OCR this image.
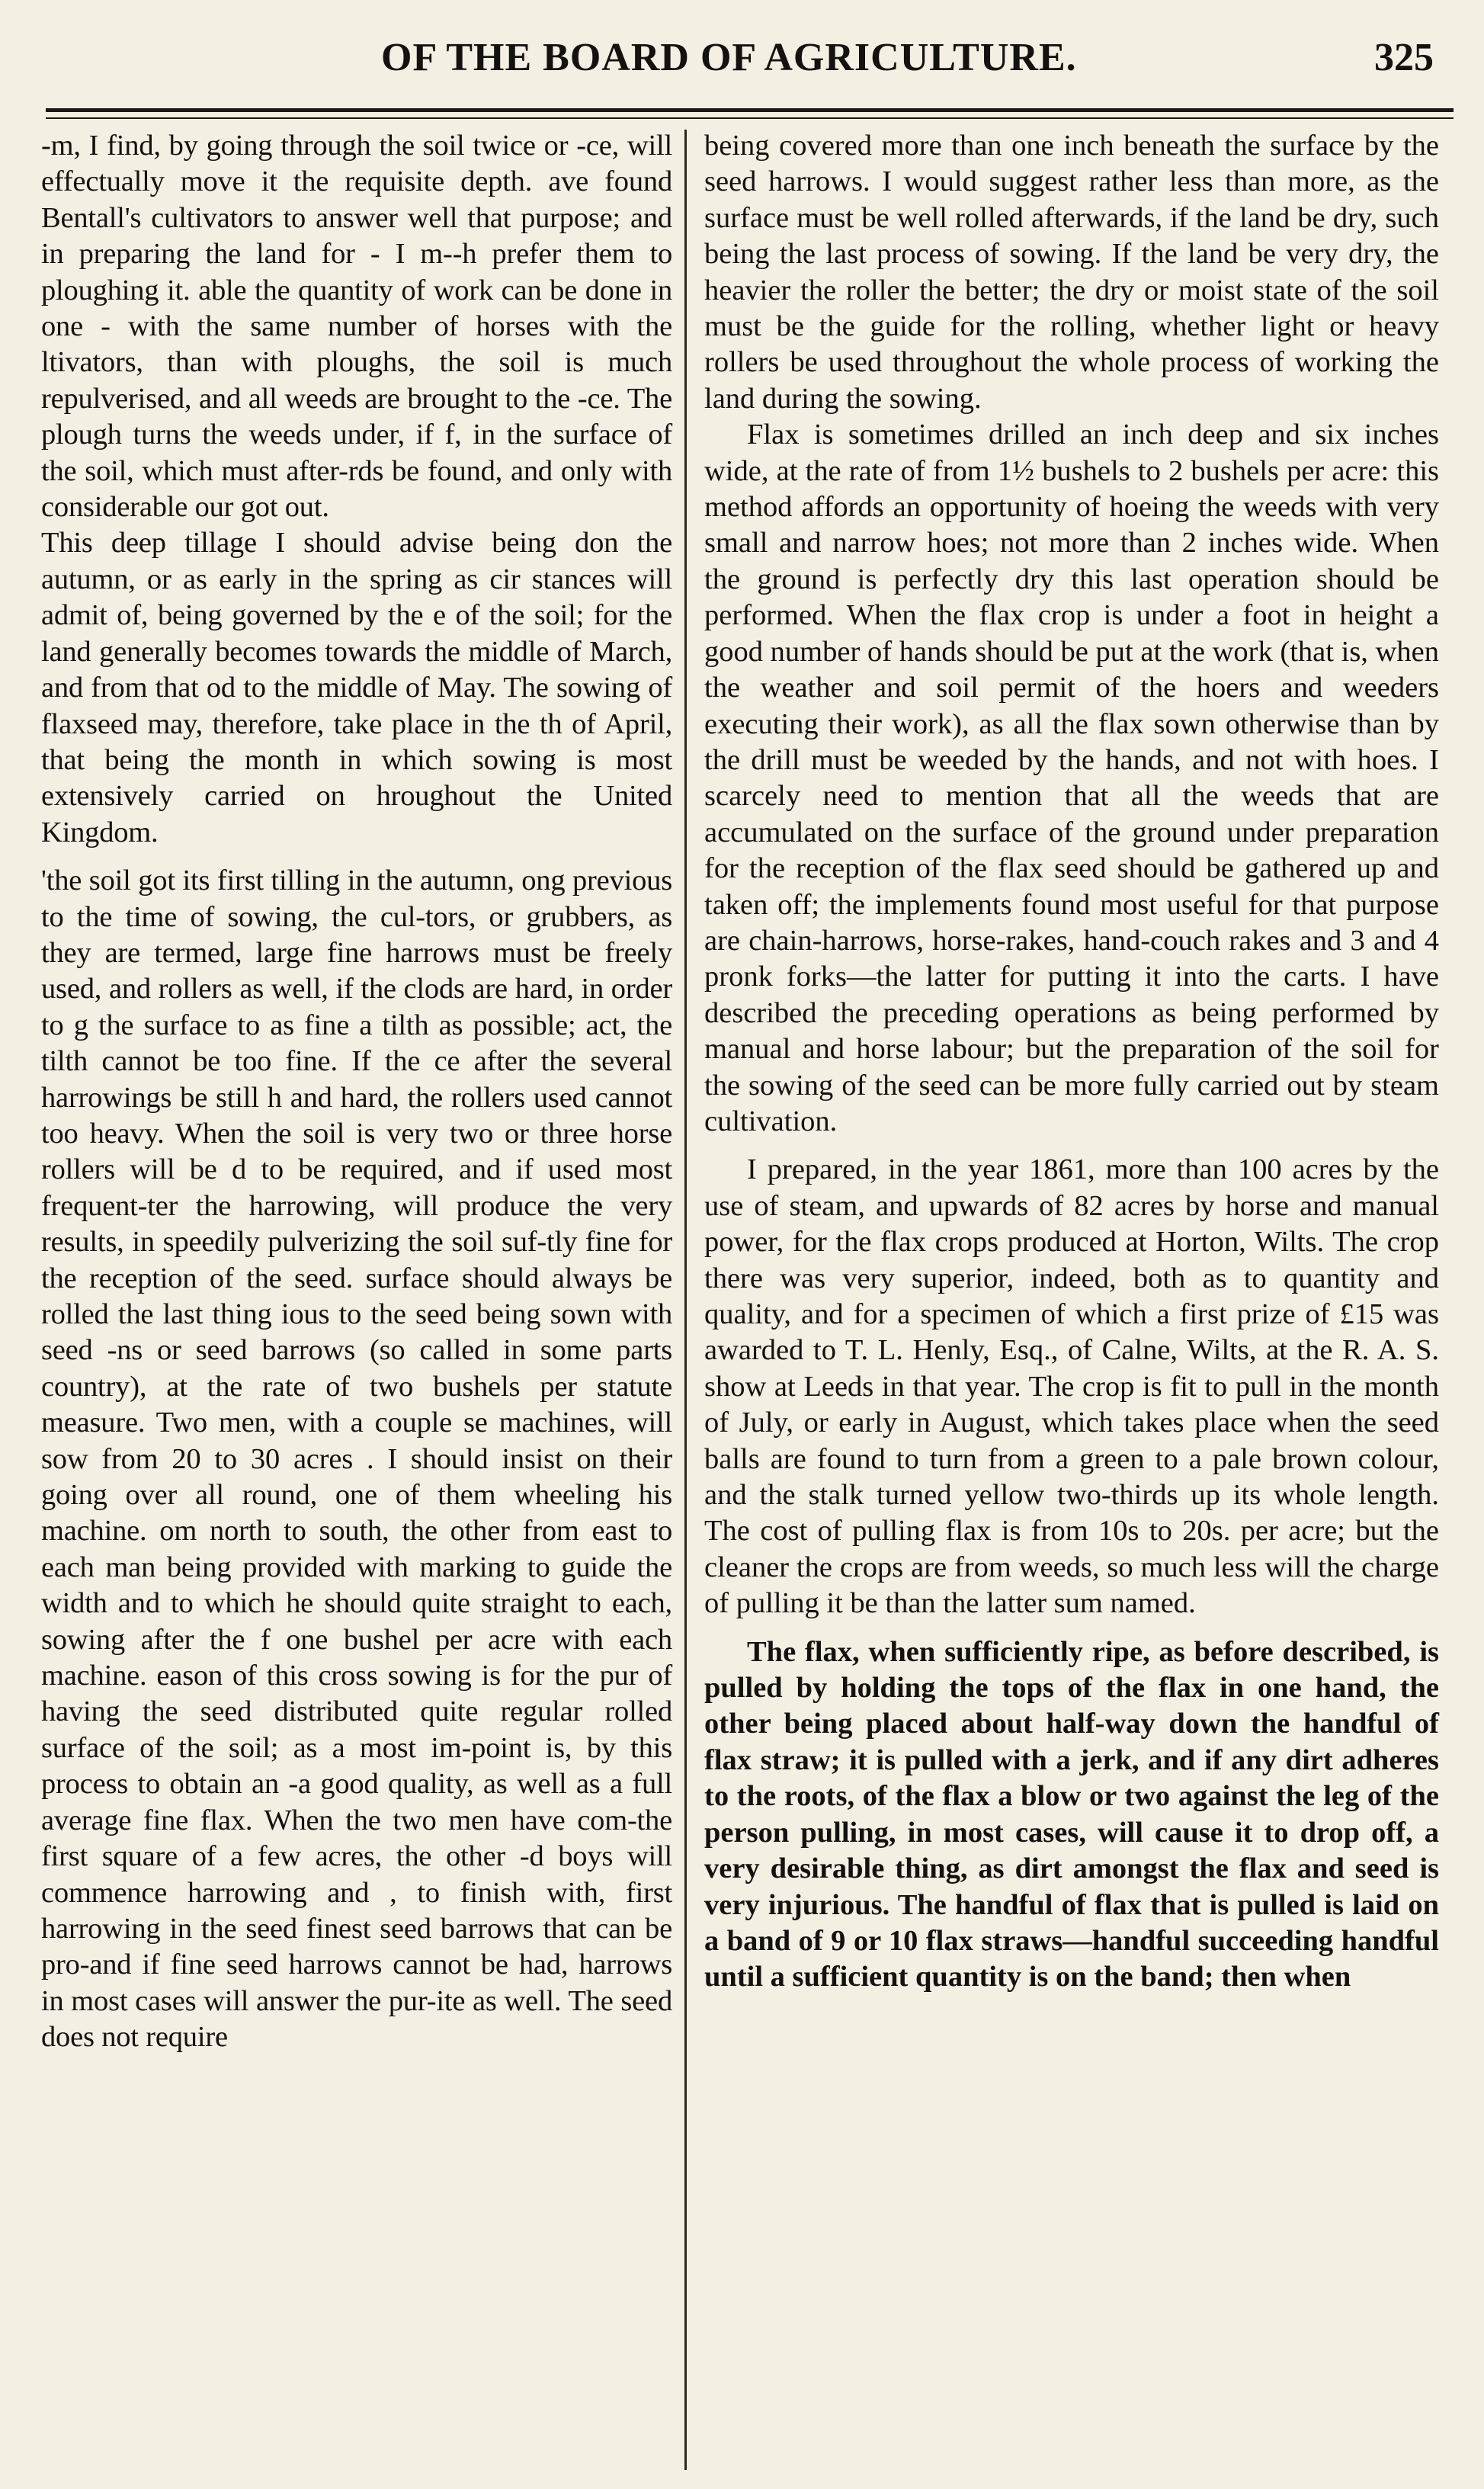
OF THE BOARD OF AGRICULTURE.	325

-m, I find, by going through the soil twice or -ce, will effectually move it the requisite depth. ave found Bentall's cultivators to answer well that purpose; and in preparing the land for - I m--h prefer them to ploughing it. able the quantity of work can be done in one - with the same number of horses with the ltivators, than with ploughs, the soil is much repulverised, and all weeds are brought to the -ce. The plough turns the weeds under, if f, in the surface of the soil, which must after-rds be found, and only with considerable our got out.

This deep tillage I should advise being don the autumn, or as early in the spring as cir stances will admit of, being governed by the e of the soil; for the land generally becomes towards the middle of March, and from that od to the middle of May. The sowing of flaxseed may, therefore, take place in the th of April, that being the month in which sowing is most extensively carried on hroughout the United Kingdom.

'the soil got its first tilling in the autumn, ong previous to the time of sowing, the cul-tors, or grubbers, as they are termed, large fine harrows must be freely used, and rollers as well, if the clods are hard, in order to g the surface to as fine a tilth as possible; act, the tilth cannot be too fine. If the ce after the several harrowings be still h and hard, the rollers used cannot too heavy. When the soil is very two or three horse rollers will be d to be required, and if used most frequent-ter the harrowing, will produce the very results, in speedily pulverizing the soil suf-tly fine for the reception of the seed. surface should always be rolled the last thing ious to the seed being sown with seed -ns or seed barrows (so called in some parts country), at the rate of two bushels per statute measure. Two men, with a couple se machines, will sow from 20 to 30 acres . I should insist on their going over all round, one of them wheeling his machine. om north to south, the other from east to each man being provided with marking to guide the width and to which he should quite straight to each, sowing after the f one bushel per acre with each machine. eason of this cross sowing is for the pur of having the seed distributed quite regular rolled surface of the soil; as a most im-point is, by this process to obtain an -a good quality, as well as a full average fine flax. When the two men have com-the first square of a few acres, the other -d boys will commence harrowing and , to finish with, first harrowing in the seed finest seed barrows that can be pro-and if fine seed harrows cannot be had, harrows in most cases will answer the pur-ite as well. The seed does not require

being covered more than one inch beneath the surface by the seed harrows. I would suggest rather less than more, as the surface must be well rolled afterwards, if the land be dry, such being the last process of sowing. If the land be very dry, the heavier the roller the better; the dry or moist state of the soil must be the guide for the rolling, whether light or heavy rollers be used throughout the whole process of working the land during the sowing.

Flax is sometimes drilled an inch deep and six inches wide, at the rate of from 1½ bushels to 2 bushels per acre: this method affords an opportunity of hoeing the weeds with very small and narrow hoes; not more than 2 inches wide. When the ground is perfectly dry this last operation should be performed. When the flax crop is under a foot in height a good number of hands should be put at the work (that is, when the weather and soil permit of the hoers and weeders executing their work), as all the flax sown otherwise than by the drill must be weeded by the hands, and not with hoes. I scarcely need to mention that all the weeds that are accumulated on the surface of the ground under preparation for the reception of the flax seed should be gathered up and taken off; the implements found most useful for that purpose are chain-harrows, horse-rakes, hand-couch rakes and 3 and 4 pronk forks—the latter for putting it into the carts. I have described the preceding operations as being performed by manual and horse labour; but the preparation of the soil for the sowing of the seed can be more fully carried out by steam cultivation.

I prepared, in the year 1861, more than 100 acres by the use of steam, and upwards of 82 acres by horse and manual power, for the flax crops produced at Horton, Wilts. The crop there was very superior, indeed, both as to quantity and quality, and for a specimen of which a first prize of £15 was awarded to T. L. Henly, Esq., of Calne, Wilts, at the R. A. S. show at Leeds in that year. The crop is fit to pull in the month of July, or early in August, which takes place when the seed balls are found to turn from a green to a pale brown colour, and the stalk turned yellow two-thirds up its whole length. The cost of pulling flax is from 10s to 20s. per acre; but the cleaner the crops are from weeds, so much less will the charge of pulling it be than the latter sum named.

The flax, when sufficiently ripe, as before described, is pulled by holding the tops of the flax in one hand, the other being placed about half-way down the handful of flax straw; it is pulled with a jerk, and if any dirt adheres to the roots, of the flax a blow or two against the leg of the person pulling, in most cases, will cause it to drop off, a very desirable thing, as dirt amongst the flax and seed is very injurious. The handful of flax that is pulled is laid on a band of 9 or 10 flax straws—handful succeeding handful until a sufficient quantity is on the band; then when
